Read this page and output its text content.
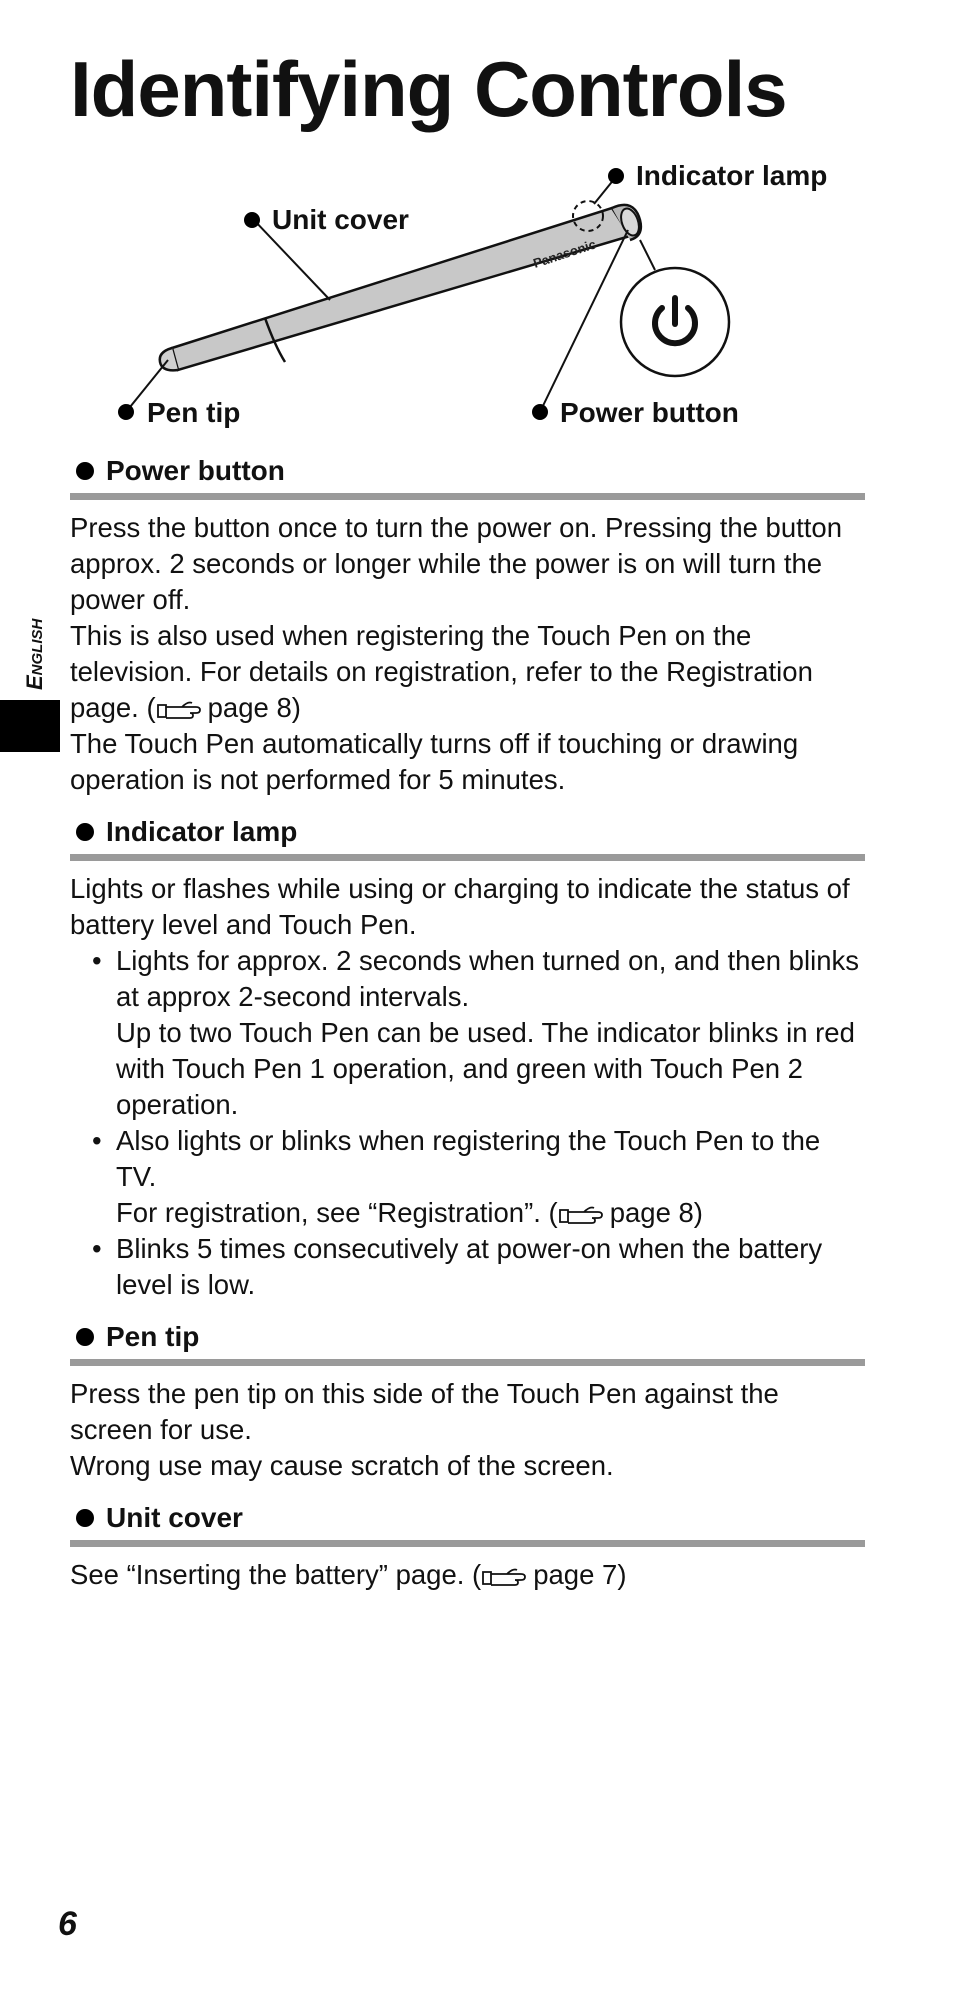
Identifying Controls
Panasonic
Indicator lamp
Unit cover
Pen tip	Power button
English
Power button

Press the button once to turn the power on. Pressing the button approx. 2 seconds or longer while the power is on will turn the power off.

This is also used when registering the Touch Pen on the television. For details on registration, refer to the Registration page. ( page 8)

The Touch Pen automatically turns off if touching or drawing operation is not performed for 5 minutes.

Indicator lamp

Lights or flashes while using or charging to indicate the status of battery level and Touch Pen.

• Lights for approx. 2 seconds when turned on, and then blinks at approx 2-second intervals.
Up to two Touch Pen can be used. The indicator blinks in red with Touch Pen 1 operation, and green with Touch Pen 2 operation.
• Also lights or blinks when registering the Touch Pen to the TV.
For registration, see “Registration”. ( page 8)
• Blinks 5 times consecutively at power-on when the battery level is low.
Pen tip

Press the pen tip on this side of the Touch Pen against the screen for use.

Wrong use may cause scratch of the screen.

Unit cover

See “Inserting the battery” page. ( page 7)

6
